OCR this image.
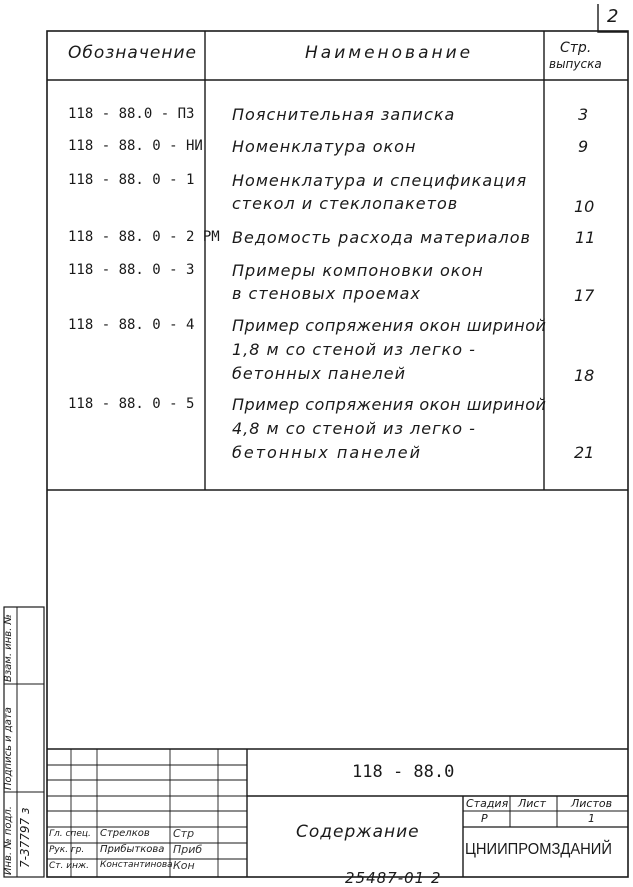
2
Обозначение	Наименование	Стр.
выпуска
118 - 88.0 - ПЗ Пояснительная записка	3
118 - 88. 0 - НИ Номенклатура окон	9
118 - 88. 0 - 1 Номенклатура и спецификация
стекол и стеклопакетов	10
118 - 88. 0 - 2 РМ Ведомость расхода материалов	11
118 - 88. 0 - 3 Примеры компоновки окон
в стеновых проемах	17
118 - 88. 0 - 4 Пример сопряжения окон шириной
1,8 м со стеной из легко -
бетонных панелей	18
118 - 88. 0 - 5 Пример сопряжения окон шириной
4,8 м со стеной из легко -
бетонных панелей	21
Взам. инв. №
Подпись и дата
Инв. № подл. 7-37797 з
118 - 88.0
Содержание
Стадия Лист Листов
Р	1
ЦНИИПРОМЗДАНИЙ
Гл. спец. Стрелков Стр
Рук. гр. Прибыткова Приб
Ст. инж. Константинова Кон
25487-01 2
